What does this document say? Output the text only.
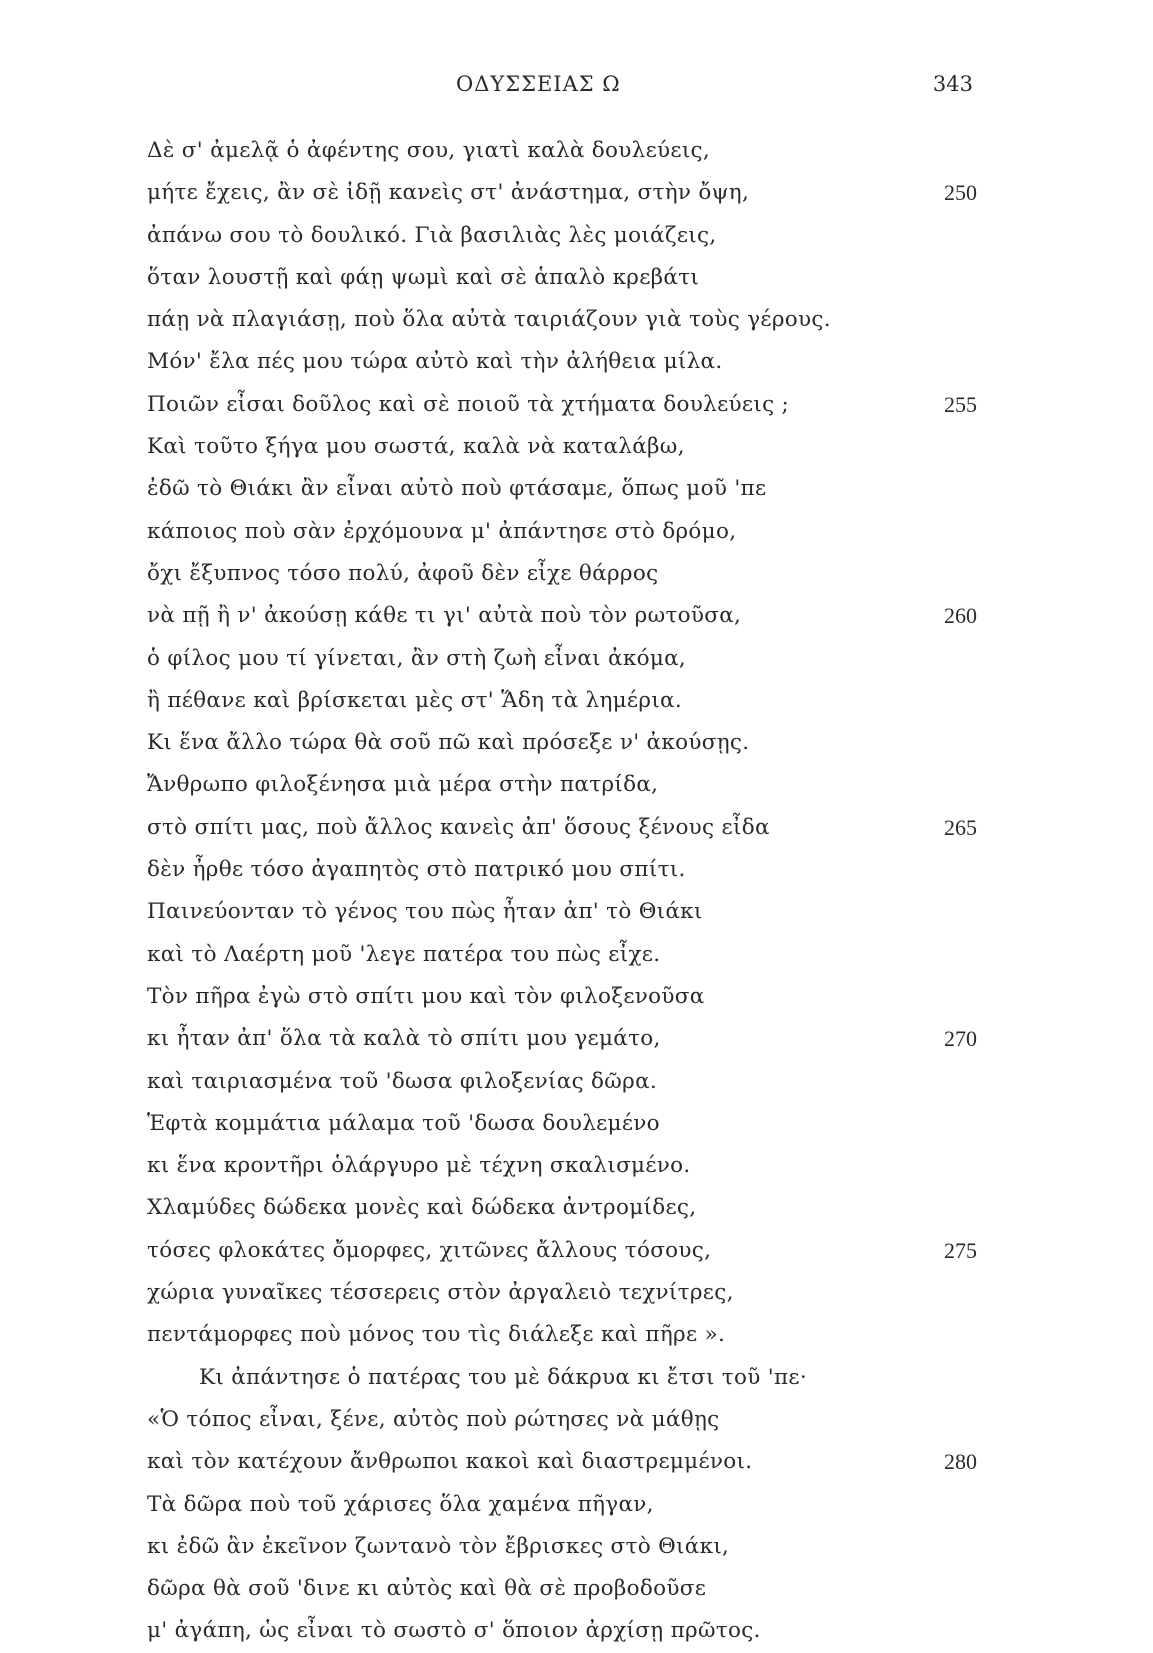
ΟΔΥΣΣΕΙΑΣ Ω	343
Δὲ σ' ἀμελᾷ ὁ ἀφέντης σου, γιατὶ καλὰ δουλεύεις,
μήτε ἔχεις, ἂν σὲ ἰδῇ κανεὶς στ' ἀνάστημα, στὴν ὄψη,	250
ἀπάνω σου τὸ δουλικό. Γιὰ βασιλιὰς λὲς μοιάζεις,
ὅταν λουστῇ καὶ φάῃ ψωμὶ καὶ σὲ ἁπαλὸ κρεβάτι
πάῃ νὰ πλαγιάσῃ, ποὺ ὅλα αὐτὰ ταιριάζουν γιὰ τοὺς γέρους.
Μόν' ἔλα πές μου τώρα αὐτὸ καὶ τὴν ἀλήθεια μίλα.
Ποιῶν εἶσαι δοῦλος καὶ σὲ ποιοῦ τὰ χτήματα δουλεύεις ;	255
Καὶ τοῦτο ξήγα μου σωστά, καλὰ νὰ καταλάβω,
ἐδῶ τὸ Θιάκι ἂν εἶναι αὐτὸ ποὺ φτάσαμε, ὅπως μοῦ 'πε
κάποιος ποὺ σὰν ἐρχόμουνα μ' ἀπάντησε στὸ δρόμο,
ὄχι ἔξυπνος τόσο πολύ, ἀφοῦ δὲν εἶχε θάρρος
νὰ πῇ ἢ ν' ἀκούσῃ κάθε τι γι' αὐτὰ ποὺ τὸν ρωτοῦσα,	260
ὁ φίλος μου τί γίνεται, ἂν στὴ ζωὴ εἶναι ἀκόμα,
ἢ πέθανε καὶ βρίσκεται μὲς στ' Ἅδη τὰ λημέρια.
Κι ἕνα ἄλλο τώρα θὰ σοῦ πῶ καὶ πρόσεξε ν' ἀκούσῃς.
Ἄνθρωπο φιλοξένησα μιὰ μέρα στὴν πατρίδα,
στὸ σπίτι μας, ποὺ ἄλλος κανεὶς ἀπ' ὅσους ξένους εἶδα	265
δὲν ἦρθε τόσο ἀγαπητὸς στὸ πατρικό μου σπίτι.
Παινεύονταν τὸ γένος του πὼς ἦταν ἀπ' τὸ Θιάκι
καὶ τὸ Λαέρτη μοῦ 'λεγε πατέρα του πὼς εἶχε.
Τὸν πῆρα ἐγὼ στὸ σπίτι μου καὶ τὸν φιλοξενοῦσα
κι ἦταν ἀπ' ὅλα τὰ καλὰ τὸ σπίτι μου γεμάτο,	270
καὶ ταιριασμένα τοῦ 'δωσα φιλοξενίας δῶρα.
Ἑφτὰ κομμάτια μάλαμα τοῦ 'δωσα δουλεμένο
κι ἕνα κροντῆρι ὁλάργυρο μὲ τέχνη σκαλισμένο.
Χλαμύδες δώδεκα μονὲς καὶ δώδεκα ἀντρομίδες,
τόσες φλοκάτες ὄμορφες, χιτῶνες ἄλλους τόσους,	275
χώρια γυναῖκες τέσσερεις στὸν ἀργαλειὸ τεχνίτρες,
πεντάμορφες ποὺ μόνος του τὶς διάλεξε καὶ πῆρε ».
Κι ἀπάντησε ὁ πατέρας του μὲ δάκρυα κι ἔτσι τοῦ 'πε·
«Ὁ τόπος εἶναι, ξένε, αὐτὸς ποὺ ρώτησες νὰ μάθῃς
καὶ τὸν κατέχουν ἄνθρωποι κακοὶ καὶ διαστρεμμένοι.	280
Τὰ δῶρα ποὺ τοῦ χάρισες ὅλα χαμένα πῆγαν,
κι ἐδῶ ἂν ἐκεῖνον ζωντανὸ τὸν ἔβρισκες στὸ Θιάκι,
δῶρα θὰ σοῦ 'δινε κι αὐτὸς καὶ θὰ σὲ προβοδοῦσε
μ' ἀγάπη, ὡς εἶναι τὸ σωστὸ σ' ὅποιον ἀρχίσῃ πρῶτος.
